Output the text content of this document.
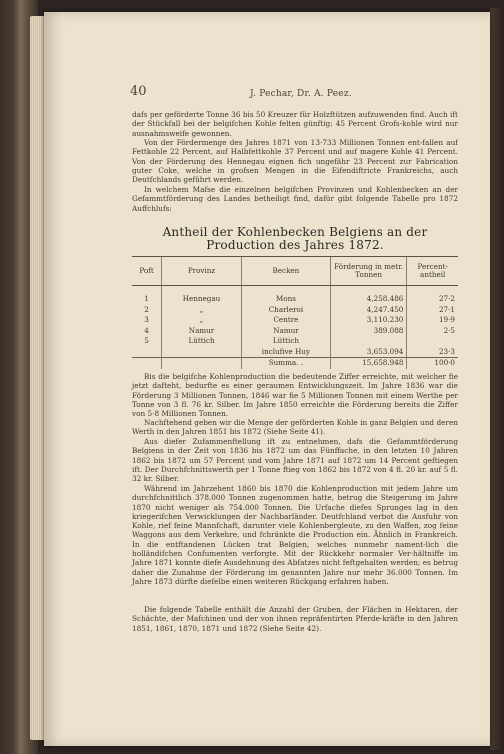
40	J. Pechar, Dr. A. Peez.

dafs per geförderte Tonne 36 bis 50 Kreuzer für Holzftützen aufzuwenden find. Auch ift der Stückfall bei der belgifchen Kohle felten günftig; 45 Percent Grofs-kohle wird nur ausnahmsweife gewonnen.

Von der Fördermenge des Jahres 1871 von 13·733 Millionen Tonnen ent-fallen auf Fettkohle 22 Percent, auf Halbfettkohle 37 Percent und auf magere Kohle 41 Percent. Von der Förderung des Hennegau eignen fich ungefähr 23 Percent zur Fabrication guter Coke, welche in grofsen Mengen in die Eifendiftricte Frankreichs, auch Deutfchlands geführt werden.

In welchem Mafse die einzelnen belgifchen Provinzen und Kohlenbecken an der Gefammtförderung des Landes betheiligt find, dafür gibt folgende Tabelle pro 1872 Auffchlufs:

Antheil der Kohlenbecken Belgiens an der Production des Jahres 1872.
Poft	Provinz	Becken	Förderung in metr. Tonnen	Percent-antheil

1	Hennegau	Mons	4,258.486	27·2
2	„	Charleroi	4,247.450	27·1
3	„	Centre	3,110.230	19·9
4	Namur	Namur	389.088	2·5
5	Lüttich	Lüttich		
		inclufive Huy	3,653.094	23·3
		Summa. .	15,658.948	100·0

Bis die belgifche Kohlenproduction die bedeutende Ziffer erreichte, mit welcher fie jetzt dafteht, bedurfte es einer geraumen Entwicklungszeit. Im Jahre 1836 war die Förderung 3 Millionen Tonnen, 1846 war fie 5 Millionen Tonnen mit einem Werthe per Tonne von 3 fl. 76 kr. Silber. Im Jahre 1850 erreichte die Förderung bereits die Ziffer von 5·8 Millionen Tonnen.

Nachftehend geben wir die Menge der geförderten Kohle in ganz Belgien und deren Werth in den Jahren 1851 bis 1872 (Siehe Seite 41).

Aus diefer Zufammenftellung ift zu entnehmen, dafs die Gefammtförderung Belgiens in der Zeit von 1836 bis 1872 um das Fünffache, in den letzten 10 Jahren 1862 bis 1872 um 57 Percent und vom Jahre 1871 auf 1872 um 14 Percent geftiegen ift. Der Durchfchnittswerth per 1 Tonne ftieg von 1862 bis 1872 von 4 fl. 20 kr. auf 5 fl. 32 kr. Silber.

Während im Jahrzehent 1860 bis 1870 die Kohlenproduction mit jedem Jahre um durchfchnittlich 378.000 Tonnen zugenommen hatte, betrug die Steigerung im Jahre 1870 nicht weniger als 754.000 Tonnen. Die Urfache diefes Sprunges lag in den kriegerifchen Verwicklungen der Nachbarländer. Deutfchland verbot die Ausfuhr von Kohle, rief feine Mannfchaft, darunter viele Kohlenbergleute, zu den Waffen, zog feine Waggons aus dem Verkehre, und fchränkte die Production ein. Ähnlich in Frankreich. In die entftandenen Lücken trat Belgien, welches nunmehr nament-lich die holländifchen Confumenten verforgte. Mit der Rückkehr normaler Ver-hältniffe im Jahre 1871 konnte diefe Ausdehnung des Abfatzes nicht feftgehalten werden; es betrug daher die Zunahme der Förderung im genannten Jahre nur mehr 36.000 Tonnen. Im Jahre 1873 dürfte diefelbe einen weiteren Rückgang erfahren haben.

Die folgende Tabelle enthält die Anzahl der Gruben, der Flächen in Hektaren, der Schächte, der Mafchinen und der von ihnen repräfentirten Pferde-kräfte in den Jahren 1851, 1861, 1870, 1871 und 1872 (Siehe Seite 42).
